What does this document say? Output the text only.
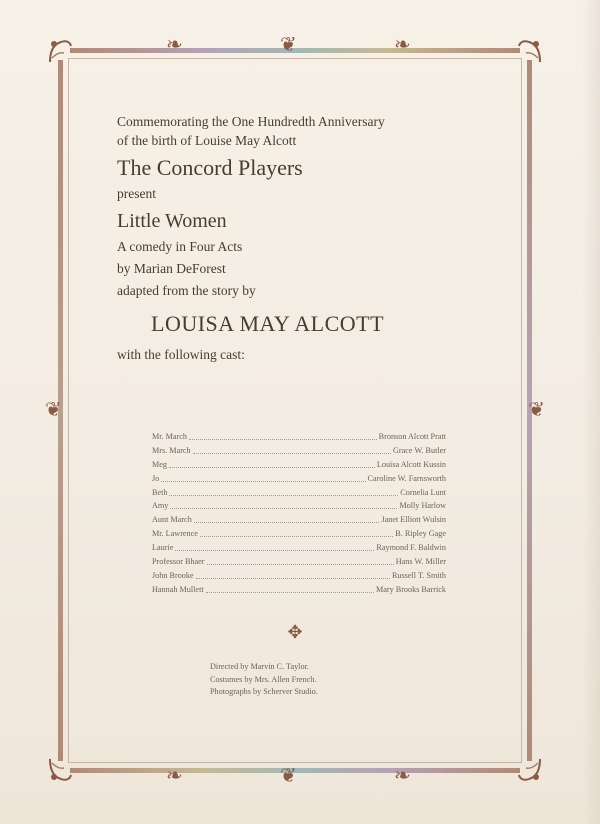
❦
❧	❧
❦
❧	❧
❦	❦

Commemorating the One Hundredth Anniversary

of the birth of Louise May Alcott

The Concord Players

present

Little Women

A comedy in Four Acts

by Marian DeForest

adapted from the story by

LOUISA MAY ALCOTT

with the following cast:

Mr. March	Bronson Alcott Pratt
Mrs. March	Grace W. Butler
Meg	Louisa Alcott Kussin
Jo	Caroline W. Farnsworth
Beth	Cornelia Lunt
Amy	Molly Harlow
Aunt March	Janet Elliott Wulsin
Mr. Lawrence	B. Ripley Gage
Laurie	Raymond F. Baldwin
Professor Bhaer	Hans W. Miller
John Brooke	Russell T. Smith
Hannah Mullett	Mary Brooks Barrick
✥
Directed by Marvin C. Taylor.
Costumes by Mrs. Allen French.
Photographs by Scherver Studio.
